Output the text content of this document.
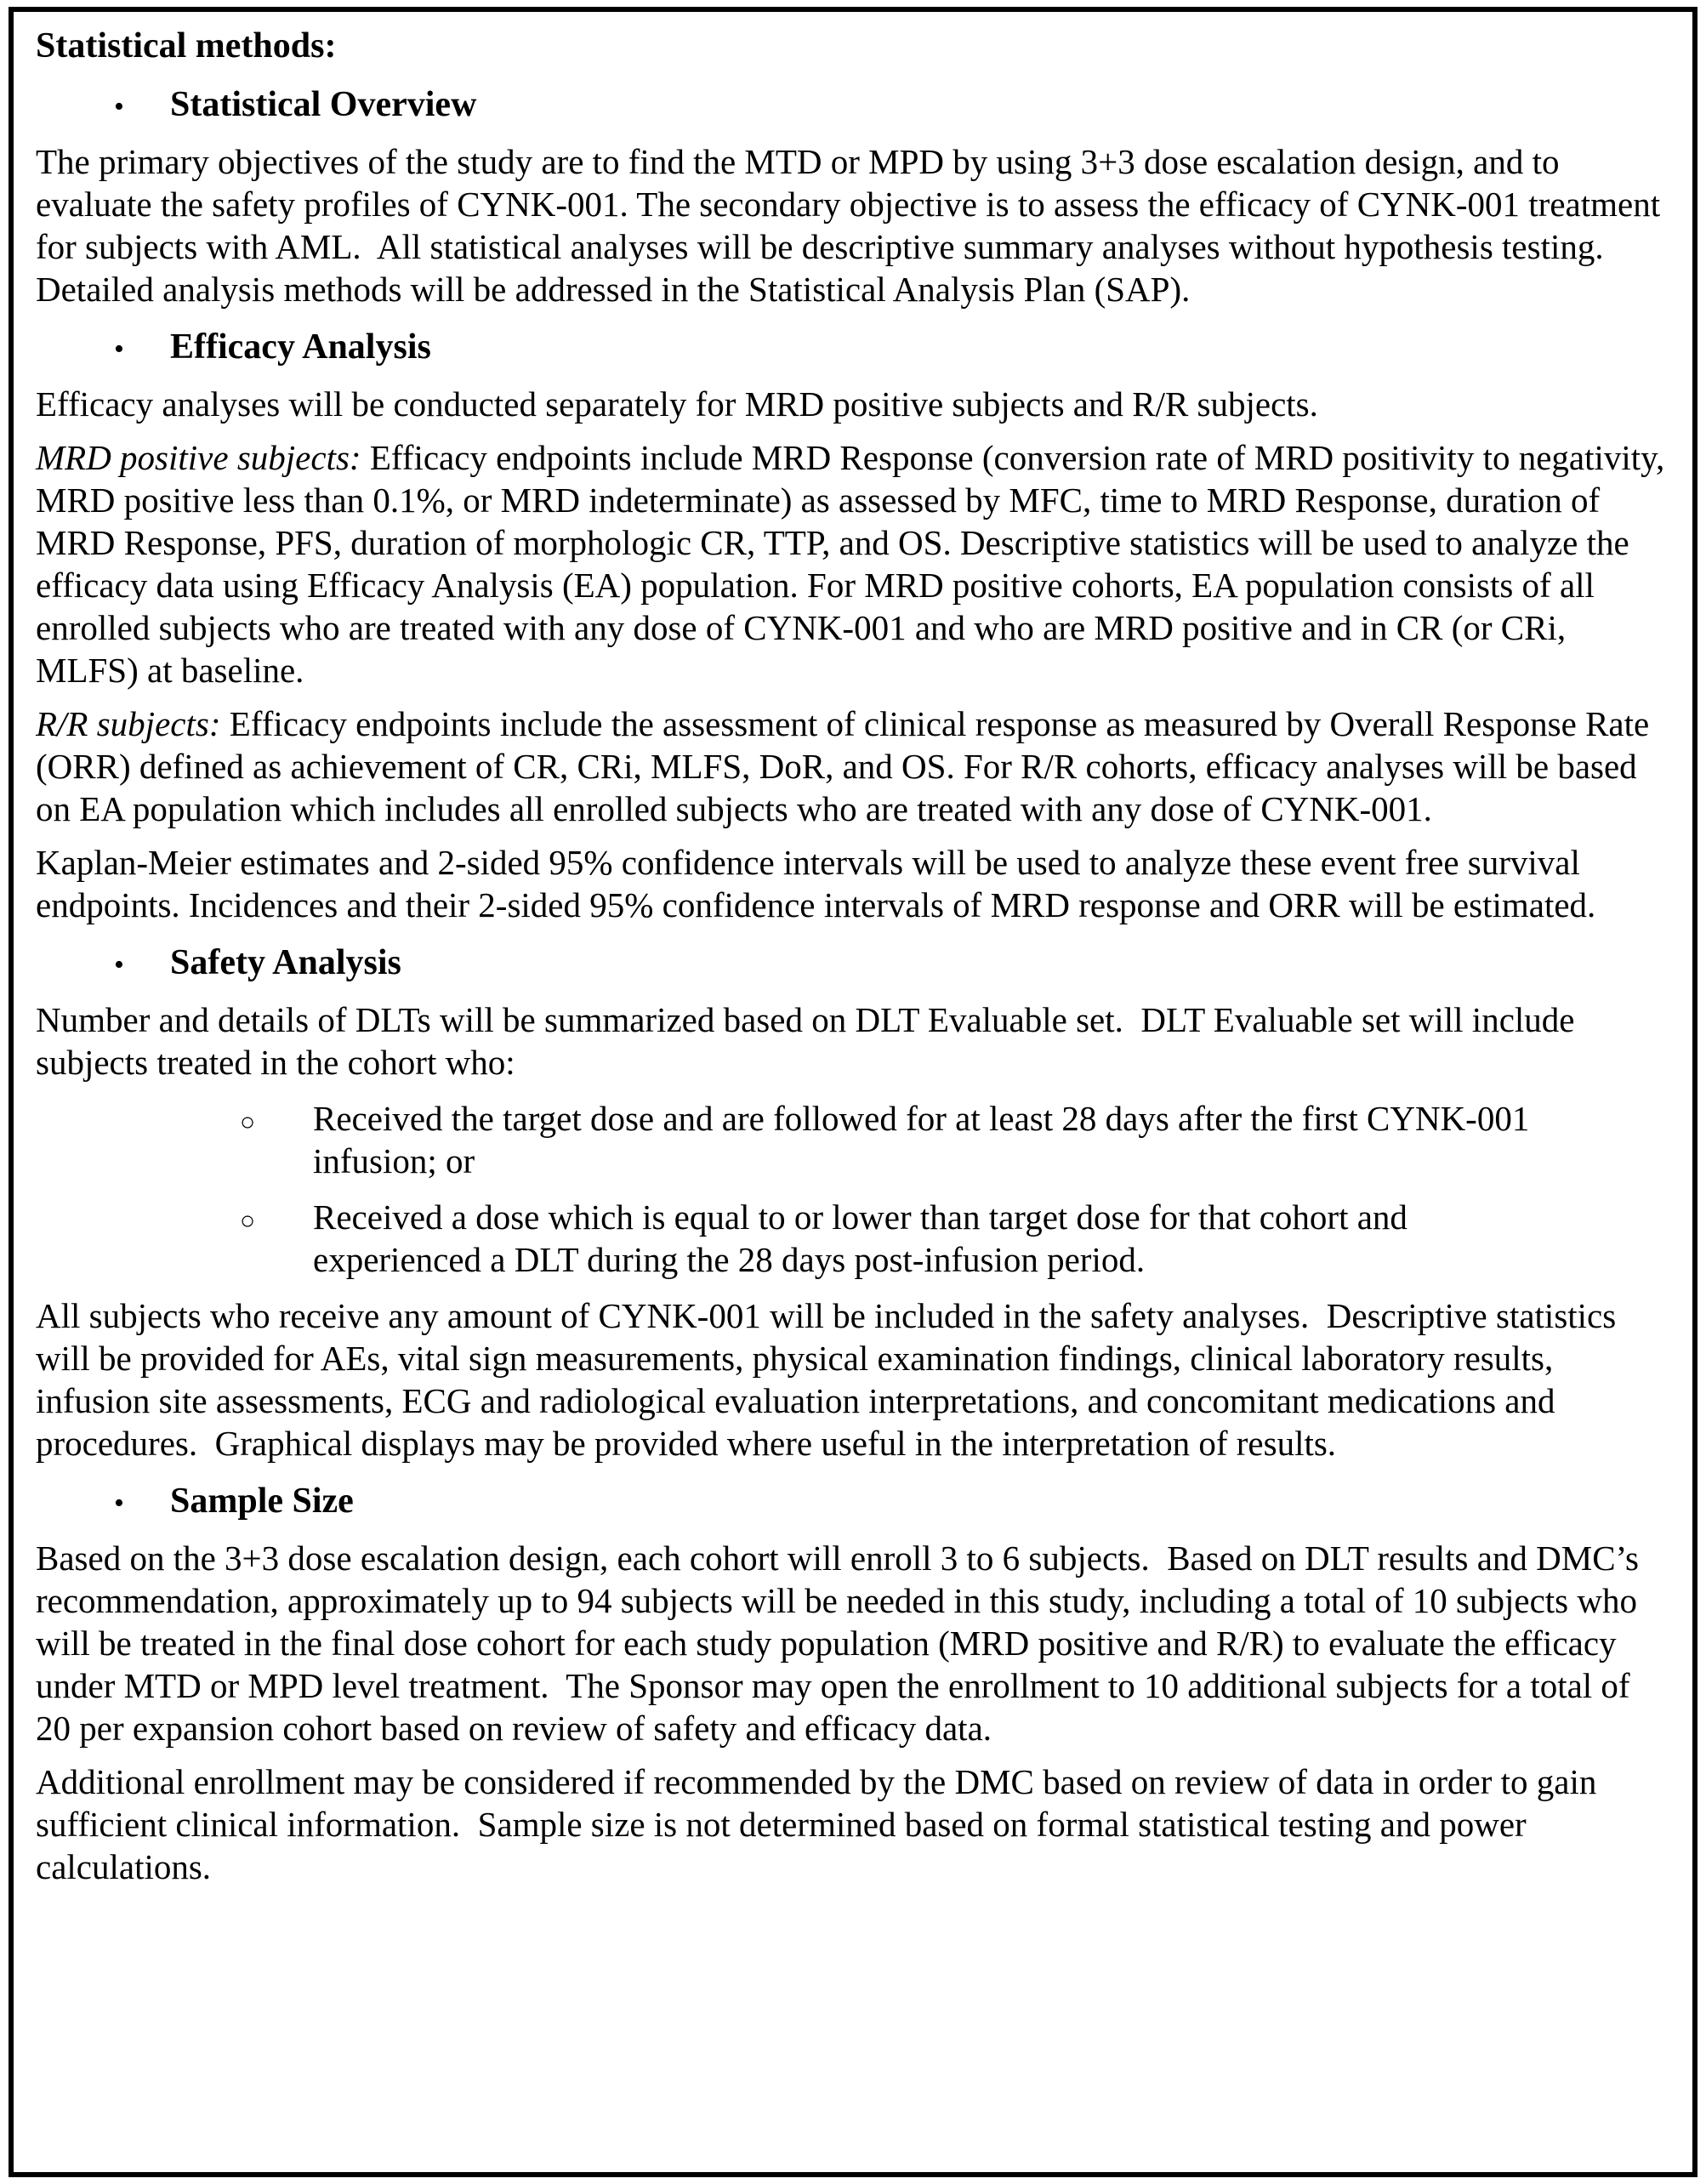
Statistical methods:
•	Statistical Overview

The primary objectives of the study are to find the MTD or MPD by using 3+3 dose escalation design, and to evaluate the safety profiles of CYNK-001. The secondary objective is to assess the efficacy of CYNK-001 treatment for subjects with AML.  All statistical analyses will be descriptive summary analyses without hypothesis testing.  Detailed analysis methods will be addressed in the Statistical Analysis Plan (SAP).

•	Efficacy Analysis

Efficacy analyses will be conducted separately for MRD positive subjects and R/R subjects.

MRD positive subjects: Efficacy endpoints include MRD Response (conversion rate of MRD positivity to negativity, MRD positive less than 0.1%, or MRD indeterminate) as assessed by MFC, time to MRD Response, duration of MRD Response, PFS, duration of morphologic CR, TTP, and OS. Descriptive statistics will be used to analyze the efficacy data using Efficacy Analysis (EA) population. For MRD positive cohorts, EA population consists of all enrolled subjects who are treated with any dose of CYNK-001 and who are MRD positive and in CR (or CRi, MLFS) at baseline.

R/R subjects: Efficacy endpoints include the assessment of clinical response as measured by Overall Response Rate (ORR) defined as achievement of CR, CRi, MLFS, DoR, and OS. For R/R cohorts, efficacy analyses will be based on EA population which includes all enrolled subjects who are treated with any dose of CYNK-001.

Kaplan-Meier estimates and 2-sided 95% confidence intervals will be used to analyze these event free survival endpoints. Incidences and their 2-sided 95% confidence intervals of MRD response and ORR will be estimated.

•	Safety Analysis

Number and details of DLTs will be summarized based on DLT Evaluable set.  DLT Evaluable set will include subjects treated in the cohort who:

○	Received the target dose and are followed for at least 28 days after the first CYNK-001 infusion; or
○	Received a dose which is equal to or lower than target dose for that cohort and experienced a DLT during the 28 days post-infusion period.

All subjects who receive any amount of CYNK-001 will be included in the safety analyses.  Descriptive statistics will be provided for AEs, vital sign measurements, physical examination findings, clinical laboratory results, infusion site assessments, ECG and radiological evaluation interpretations, and concomitant medications and procedures.  Graphical displays may be provided where useful in the interpretation of results.

•	Sample Size

Based on the 3+3 dose escalation design, each cohort will enroll 3 to 6 subjects.  Based on DLT results and DMC’s recommendation, approximately up to 94 subjects will be needed in this study, including a total of 10 subjects who will be treated in the final dose cohort for each study population (MRD positive and R/R) to evaluate the efficacy under MTD or MPD level treatment.  The Sponsor may open the enrollment to 10 additional subjects for a total of 20 per expansion cohort based on review of safety and efficacy data.

Additional enrollment may be considered if recommended by the DMC based on review of data in order to gain sufficient clinical information.  Sample size is not determined based on formal statistical testing and power calculations.
